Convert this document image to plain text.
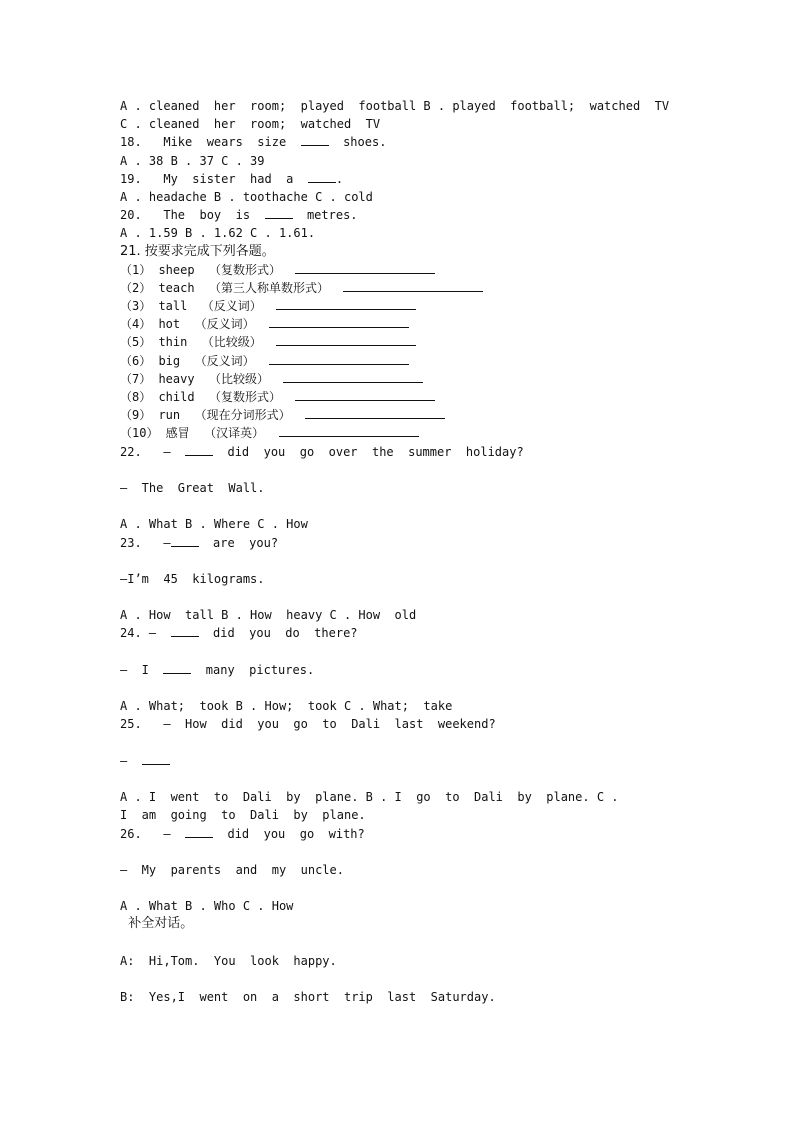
A . cleaned  her  room;  played  football B . played  football;  watched  TV
C . cleaned  her  room;  watched  TV
18.   Mike  wears  size    shoes.
A . 38 B . 37 C . 39
19.   My  sister  had  a  .
A . headache B . toothache C . cold
20.   The  boy  is    metres.
A . 1.59 B . 1.62 C . 1.61.
21. 按要求完成下列各题。
（1） sheep  （复数形式）
（2） teach  （第三人称单数形式）
（3） tall  （反义词）
（4） hot  （反义词）
（5） thin  （比较级）
（6） big  （反义词）
（7） heavy  （比较级）
（8） child  （复数形式）
（9） run  （现在分词形式）
（10） 感冒  （汉译英）
22.   —    did  you  go  over  the  summer  holiday?
—  The  Great  Wall.
A . What B . Where C . How
23.   —  are  you?
—I’m  45  kilograms.
A . How  tall B . How  heavy C . How  old
24. —    did  you  do  there?
—  I    many  pictures.
A . What;  took B . How;  took C . What;  take
25.   —  How  did  you  go  to  Dali  last  weekend?
—
A . I  went  to  Dali  by  plane. B . I  go  to  Dali  by  plane. C .
I  am  going  to  Dali  by  plane.
26.   —    did  you  go  with?
—  My  parents  and  my  uncle.
A . What B . Who C . How
补全对话。
A:  Hi,Tom.  You  look  happy.
B:  Yes,I  went  on  a  short  trip  last  Saturday.
